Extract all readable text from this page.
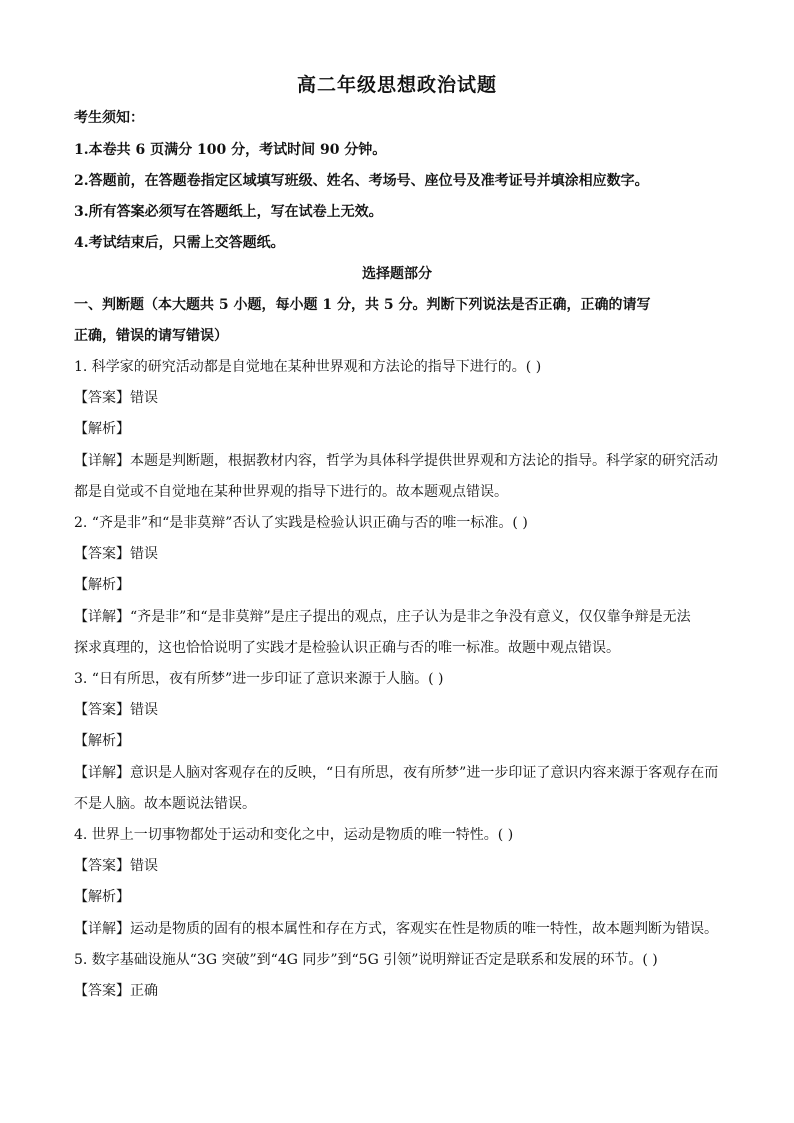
高二年级思想政治试题
考生须知：
1.本卷共 6 页满分 100 分，考试时间 90 分钟。
2.答题前，在答题卷指定区域填写班级、姓名、考场号、座位号及准考证号并填涂相应数字。
3.所有答案必须写在答题纸上，写在试卷上无效。
4.考试结束后，只需上交答题纸。
选择题部分
一、判断题（本大题共 5 小题，每小题 1 分，共 5 分。判断下列说法是否正确，正确的请写
正确，错误的请写错误）
1. 科学家的研究活动都是自觉地在某种世界观和方法论的指导下进行的。( )
【答案】错误
【解析】
【详解】本题是判断题，根据教材内容，哲学为具体科学提供世界观和方法论的指导。科学家的研究活动
都是自觉或不自觉地在某种世界观的指导下进行的。故本题观点错误。
2. “齐是非”和“是非莫辩”否认了实践是检验认识正确与否的唯一标准。( )
【答案】错误
【解析】
【详解】“齐是非”和“是非莫辩”是庄子提出的观点，庄子认为是非之争没有意义，仅仅靠争辩是无法
探求真理的，这也恰恰说明了实践才是检验认识正确与否的唯一标准。故题中观点错误。
3. “日有所思，夜有所梦”进一步印证了意识来源于人脑。( )
【答案】错误
【解析】
【详解】意识是人脑对客观存在的反映，“日有所思，夜有所梦”进一步印证了意识内容来源于客观存在而
不是人脑。故本题说法错误。
4. 世界上一切事物都处于运动和变化之中，运动是物质的唯一特性。( )
【答案】错误
【解析】
【详解】运动是物质的固有的根本属性和存在方式，客观实在性是物质的唯一特性，故本题判断为错误。
5. 数字基础设施从“3G 突破”到“4G 同步”到“5G 引领”说明辩证否定是联系和发展的环节。( )
【答案】正确
